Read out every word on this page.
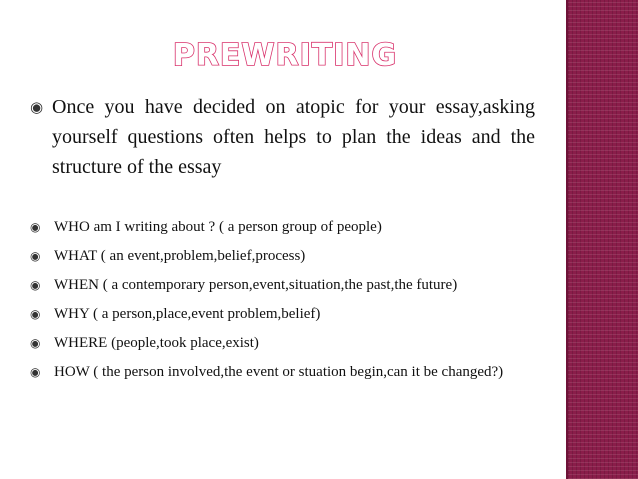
PREWRITING
◉ Once you have decided on atopic for your essay,asking yourself questions often helps to plan the ideas and the structure of the essay
◉ WHO am I writing about ? ( a person group of people)
◉ WHAT ( an event,problem,belief,process)
◉ WHEN ( a contemporary person,event,situation,the past,the future)
◉ WHY ( a person,place,event problem,belief)
◉ WHERE (people,took place,exist)
◉ HOW ( the person involved,the event or stuation begin,can it be changed?)
